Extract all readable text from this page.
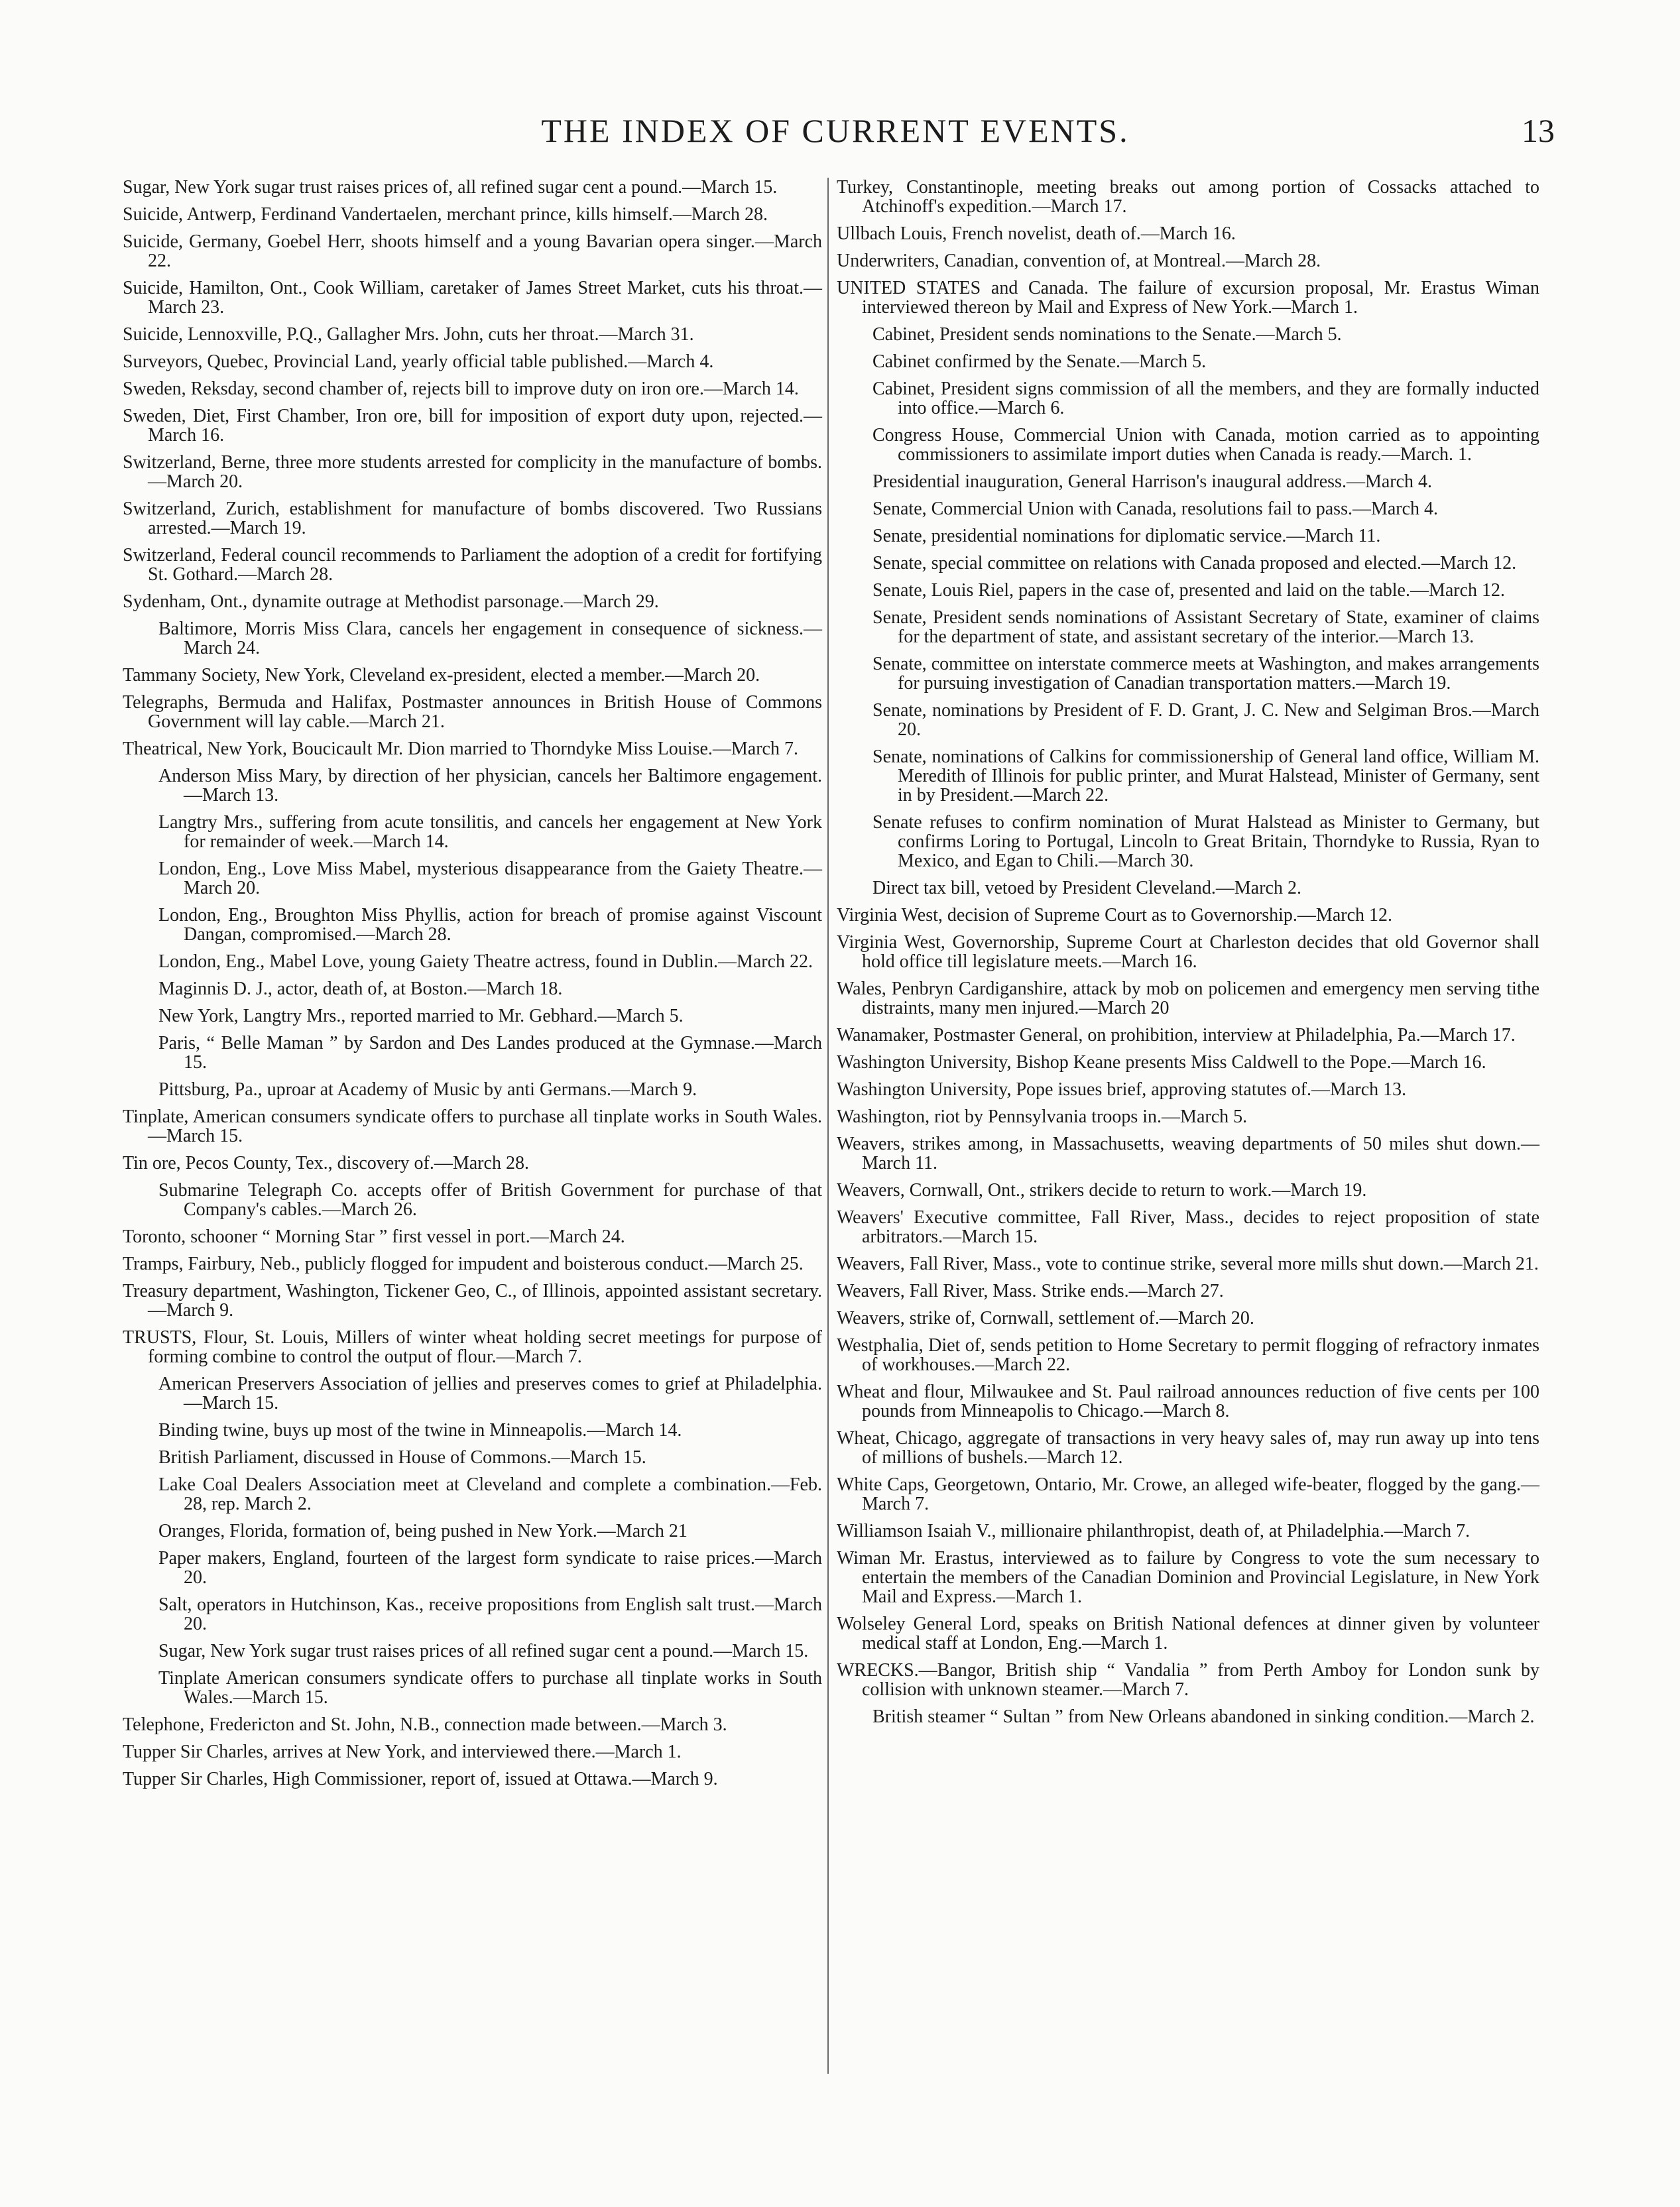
THE INDEX OF CURRENT EVENTS.	13
Sugar, New York sugar trust raises prices of, all refined sugar cent a pound.—March 15.
Suicide, Antwerp, Ferdinand Vandertaelen, merchant prince, kills himself.—March 28.
Suicide, Germany, Goebel Herr, shoots himself and a young Bavarian opera singer.—March 22.
Suicide, Hamilton, Ont., Cook William, caretaker of James Street Market, cuts his throat.—March 23.
Suicide, Lennoxville, P.Q., Gallagher Mrs. John, cuts her throat.—March 31.
Surveyors, Quebec, Provincial Land, yearly official table published.—March 4.
Sweden, Reksday, second chamber of, rejects bill to improve duty on iron ore.—March 14.
Sweden, Diet, First Chamber, Iron ore, bill for imposition of export duty upon, rejected.—March 16.
Switzerland, Berne, three more students arrested for complicity in the manufacture of bombs.—March 20.
Switzerland, Zurich, establishment for manufacture of bombs discovered. Two Russians arrested.—March 19.
Switzerland, Federal council recommends to Parliament the adoption of a credit for fortifying St. Gothard.—March 28.
Sydenham, Ont., dynamite outrage at Methodist parsonage.—March 29.
Baltimore, Morris Miss Clara, cancels her engagement in consequence of sickness.—March 24.
Tammany Society, New York, Cleveland ex-president, elected a member.—March 20.
Telegraphs, Bermuda and Halifax, Postmaster announces in British House of Commons Government will lay cable.—March 21.
Theatrical, New York, Boucicault Mr. Dion married to Thorndyke Miss Louise.—March 7.
Anderson Miss Mary, by direction of her physician, cancels her Baltimore engagement.—March 13.
Langtry Mrs., suffering from acute tonsilitis, and cancels her engagement at New York for remainder of week.—March 14.
London, Eng., Love Miss Mabel, mysterious disappearance from the Gaiety Theatre.—March 20.
London, Eng., Broughton Miss Phyllis, action for breach of promise against Viscount Dangan, compromised.—March 28.
London, Eng., Mabel Love, young Gaiety Theatre actress, found in Dublin.—March 22.
Maginnis D. J., actor, death of, at Boston.—March 18.
New York, Langtry Mrs., reported married to Mr. Gebhard.—March 5.
Paris, “ Belle Maman ” by Sardon and Des Landes produced at the Gymnase.—March 15.
Pittsburg, Pa., uproar at Academy of Music by anti Germans.—March 9.
Tinplate, American consumers syndicate offers to purchase all tinplate works in South Wales.—March 15.
Tin ore, Pecos County, Tex., discovery of.—March 28.
Submarine Telegraph Co. accepts offer of British Government for purchase of that Company's cables.—March 26.
Toronto, schooner “ Morning Star ” first vessel in port.—March 24.
Tramps, Fairbury, Neb., publicly flogged for impudent and boisterous conduct.—March 25.
Treasury department, Washington, Tickener Geo, C., of Illinois, appointed assistant secretary.—March 9.
TRUSTS, Flour, St. Louis, Millers of winter wheat holding secret meetings for purpose of forming combine to control the output of flour.—March 7.
American Preservers Association of jellies and preserves comes to grief at Philadelphia.—March 15.
Binding twine, buys up most of the twine in Minneapolis.—March 14.
British Parliament, discussed in House of Commons.—March 15.
Lake Coal Dealers Association meet at Cleveland and complete a combination.—Feb. 28, rep. March 2.
Oranges, Florida, formation of, being pushed in New York.—March 21
Paper makers, England, fourteen of the largest form syndicate to raise prices.—March 20.
Salt, operators in Hutchinson, Kas., receive propositions from English salt trust.—March 20.
Sugar, New York sugar trust raises prices of all refined sugar cent a pound.—March 15.
Tinplate American consumers syndicate offers to purchase all tinplate works in South Wales.—March 15.
Telephone, Fredericton and St. John, N.B., connection made between.—March 3.
Tupper Sir Charles, arrives at New York, and interviewed there.—March 1.
Tupper Sir Charles, High Commissioner, report of, issued at Ottawa.—March 9.
Turkey, Constantinople, meeting breaks out among portion of Cossacks attached to Atchinoff's expedition.—March 17.
Ullbach Louis, French novelist, death of.—March 16.
Underwriters, Canadian, convention of, at Montreal.—March 28.
UNITED STATES and Canada. The failure of excursion proposal, Mr. Erastus Wiman interviewed thereon by Mail and Express of New York.—March 1.
Cabinet, President sends nominations to the Senate.—March 5.
Cabinet confirmed by the Senate.—March 5.
Cabinet, President signs commission of all the members, and they are formally inducted into office.—March 6.
Congress House, Commercial Union with Canada, motion carried as to appointing commissioners to assimilate import duties when Canada is ready.—March. 1.
Presidential inauguration, General Harrison's inaugural address.—March 4.
Senate, Commercial Union with Canada, resolutions fail to pass.—March 4.
Senate, presidential nominations for diplomatic service.—March 11.
Senate, special committee on relations with Canada proposed and elected.—March 12.
Senate, Louis Riel, papers in the case of, presented and laid on the table.—March 12.
Senate, President sends nominations of Assistant Secretary of State, examiner of claims for the department of state, and assistant secretary of the interior.—March 13.
Senate, committee on interstate commerce meets at Washington, and makes arrangements for pursuing investigation of Canadian transportation matters.—March 19.
Senate, nominations by President of F. D. Grant, J. C. New and Selgiman Bros.—March 20.
Senate, nominations of Calkins for commissionership of General land office, William M. Meredith of Illinois for public printer, and Murat Halstead, Minister of Germany, sent in by President.—March 22.
Senate refuses to confirm nomination of Murat Halstead as Minister to Germany, but confirms Loring to Portugal, Lincoln to Great Britain, Thorndyke to Russia, Ryan to Mexico, and Egan to Chili.—March 30.
Direct tax bill, vetoed by President Cleveland.—March 2.
Virginia West, decision of Supreme Court as to Governorship.—March 12.
Virginia West, Governorship, Supreme Court at Charleston decides that old Governor shall hold office till legislature meets.—March 16.
Wales, Penbryn Cardiganshire, attack by mob on policemen and emergency men serving tithe distraints, many men injured.—March 20
Wanamaker, Postmaster General, on prohibition, interview at Philadelphia, Pa.—March 17.
Washington University, Bishop Keane presents Miss Caldwell to the Pope.—March 16.
Washington University, Pope issues brief, approving statutes of.—March 13.
Washington, riot by Pennsylvania troops in.—March 5.
Weavers, strikes among, in Massachusetts, weaving departments of 50 miles shut down.—March 11.
Weavers, Cornwall, Ont., strikers decide to return to work.—March 19.
Weavers' Executive committee, Fall River, Mass., decides to reject proposition of state arbitrators.—March 15.
Weavers, Fall River, Mass., vote to continue strike, several more mills shut down.—March 21.
Weavers, Fall River, Mass. Strike ends.—March 27.
Weavers, strike of, Cornwall, settlement of.—March 20.
Westphalia, Diet of, sends petition to Home Secretary to permit flogging of refractory inmates of workhouses.—March 22.
Wheat and flour, Milwaukee and St. Paul railroad announces reduction of five cents per 100 pounds from Minneapolis to Chicago.—March 8.
Wheat, Chicago, aggregate of transactions in very heavy sales of, may run away up into tens of millions of bushels.—March 12.
White Caps, Georgetown, Ontario, Mr. Crowe, an alleged wife-beater, flogged by the gang.—March 7.
Williamson Isaiah V., millionaire philanthropist, death of, at Philadelphia.—March 7.
Wiman Mr. Erastus, interviewed as to failure by Congress to vote the sum necessary to entertain the members of the Canadian Dominion and Provincial Legislature, in New York Mail and Express.—March 1.
Wolseley General Lord, speaks on British National defences at dinner given by volunteer medical staff at London, Eng.—March 1.
WRECKS.—Bangor, British ship “ Vandalia ” from Perth Amboy for London sunk by collision with unknown steamer.—March 7.
British steamer “ Sultan ” from New Orleans abandoned in sinking condition.—March 2.
